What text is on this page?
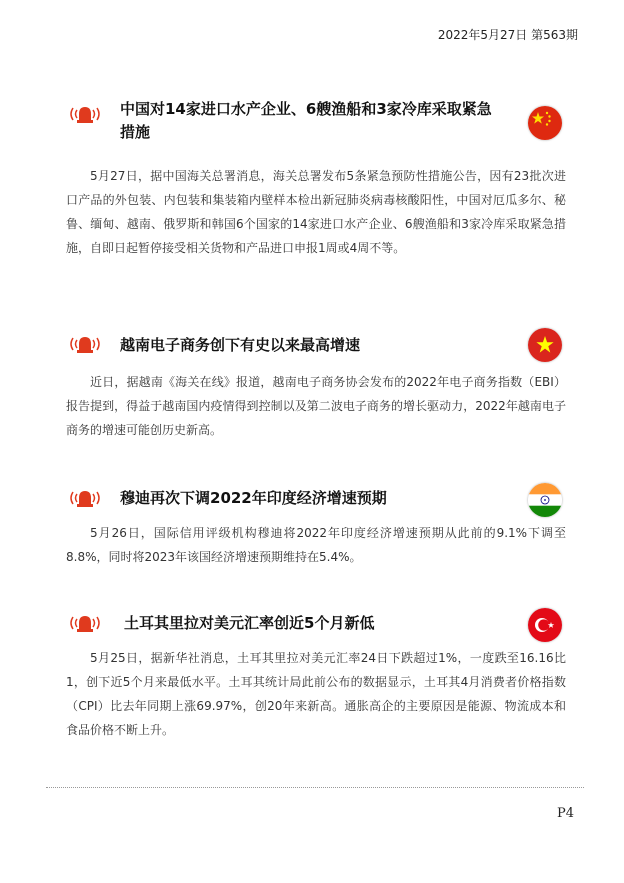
2022年5月27日 第563期
中国对14家进口水产企业、6艘渔船和3家冷库采取紧急措施

5月27日，据中国海关总署消息，海关总署发布5条紧急预防性措施公告，因有23批次进口产品的外包装、内包装和集装箱内壁样本检出新冠肺炎病毒核酸阳性，中国对厄瓜多尔、秘鲁、缅甸、越南、俄罗斯和韩国6个国家的14家进口水产企业、6艘渔船和3家冷库采取紧急措施，自即日起暂停接受相关货物和产品进口申报1周或4周不等。

越南电子商务创下有史以来最高增速

近日，据越南《海关在线》报道，越南电子商务协会发布的2022年电子商务指数（EBI）报告提到，得益于越南国内疫情得到控制以及第二波电子商务的增长驱动力，2022年越南电子商务的增速可能创历史新高。

穆迪再次下调2022年印度经济增速预期

5月26日，国际信用评级机构穆迪将2022年印度经济增速预期从此前的9.1%下调至8.8%，同时将2023年该国经济增速预期维持在5.4%。

土耳其里拉对美元汇率创近5个月新低

5月25日，据新华社消息，土耳其里拉对美元汇率24日下跌超过1%，一度跌至16.16比1，创下近5个月来最低水平。土耳其统计局此前公布的数据显示，土耳其4月消费者价格指数（CPI）比去年同期上涨69.97%，创20年来新高。通胀高企的主要原因是能源、物流成本和食品价格不断上升。

P4
